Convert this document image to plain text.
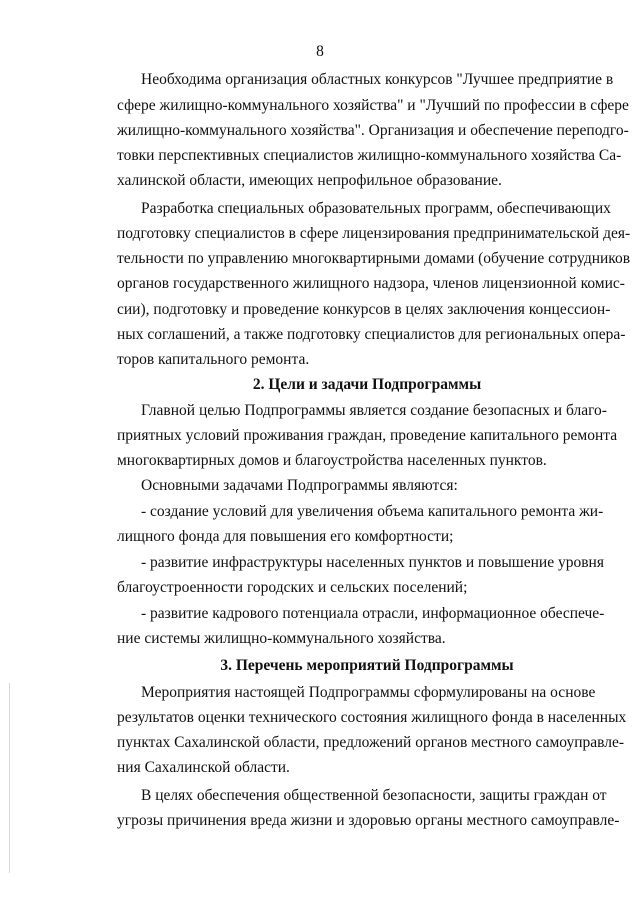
8
Необходима организация областных конкурсов "Лучшее предприятие в
сфере жилищно-коммунального хозяйства" и "Лучший по профессии в сфере
жилищно-коммунального хозяйства". Организация и обеспечение переподго-
товки перспективных специалистов жилищно-коммунального хозяйства Са-
халинской области, имеющих непрофильное образование.
Разработка специальных образовательных программ, обеспечивающих
подготовку специалистов в сфере лицензирования предпринимательской дея-
тельности по управлению многоквартирными домами (обучение сотрудников
органов государственного жилищного надзора, членов лицензионной комис-
сии), подготовку и проведение конкурсов в целях заключения концессион-
ных соглашений, а также подготовку специалистов для региональных опера-
торов капитального ремонта.
2. Цели и задачи Подпрограммы
Главной целью Подпрограммы является создание безопасных и благо-
приятных условий проживания граждан, проведение капитального ремонта
многоквартирных домов и благоустройства населенных пунктов.
Основными задачами Подпрограммы являются:
- создание условий для увеличения объема капитального ремонта жи-
лищного фонда для повышения его комфортности;
- развитие инфраструктуры населенных пунктов и повышение уровня
благоустроенности городских и сельских поселений;
- развитие кадрового потенциала отрасли, информационное обеспече-
ние системы жилищно-коммунального хозяйства.
3. Перечень мероприятий Подпрограммы
Мероприятия настоящей Подпрограммы сформулированы на основе
результатов оценки технического состояния жилищного фонда в населенных
пунктах Сахалинской области, предложений органов местного самоуправле-
ния Сахалинской области.
В целях обеспечения общественной безопасности, защиты граждан от
угрозы причинения вреда жизни и здоровью органы местного самоуправле-
